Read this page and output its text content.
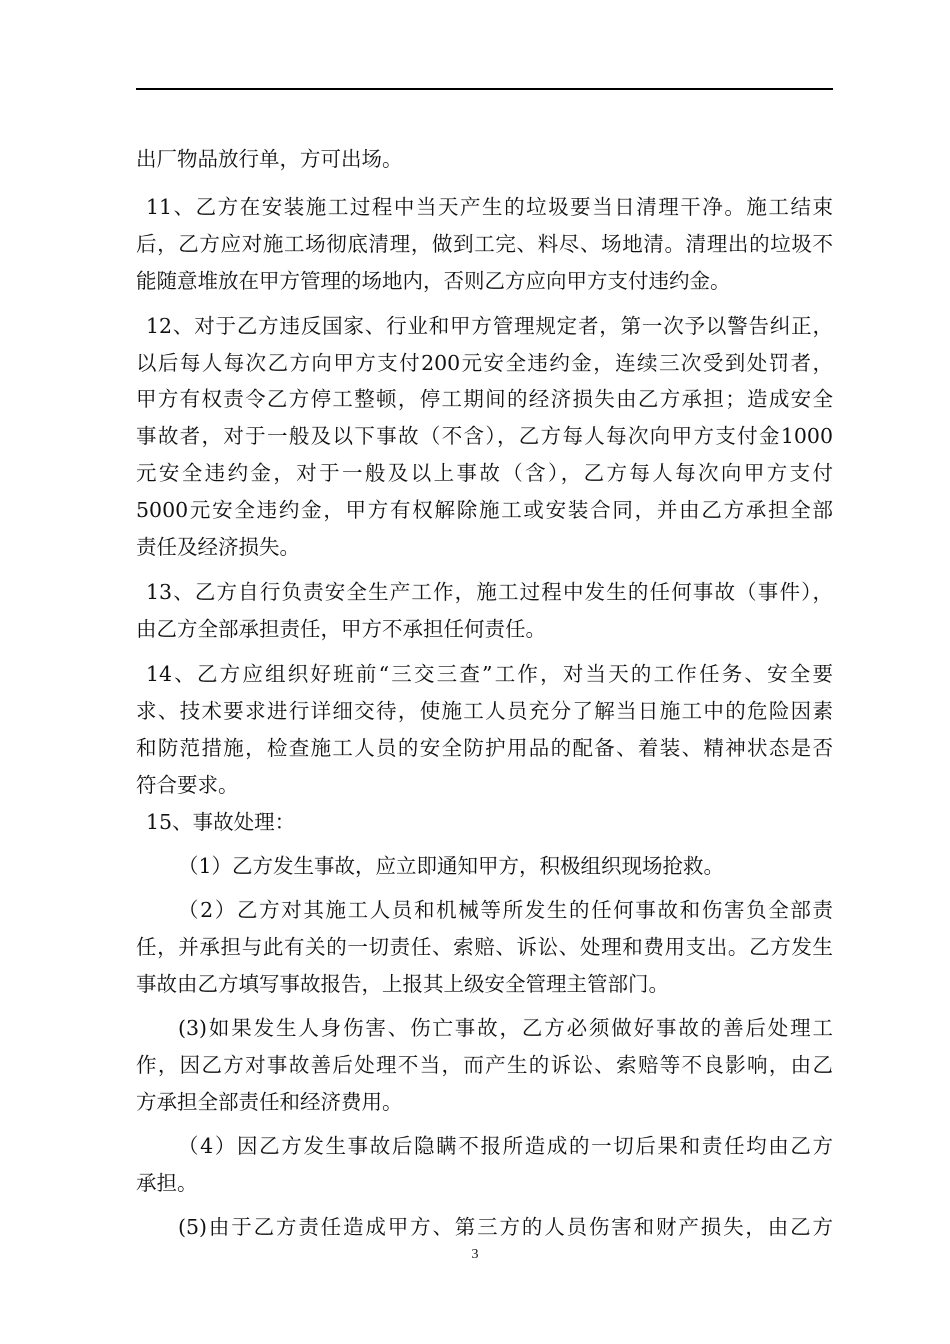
出厂物品放行单，方可出场。
11、乙方在安装施工过程中当天产生的垃圾要当日清理干净。施工结束
后，乙方应对施工场彻底清理，做到工完、料尽、场地清。清理出的垃圾不
能随意堆放在甲方管理的场地内，否则乙方应向甲方支付违约金。
12、对于乙方违反国家、行业和甲方管理规定者，第一次予以警告纠正，
以后每人每次乙方向甲方支付200元安全违约金，连续三次受到处罚者，
甲方有权责令乙方停工整顿，停工期间的经济损失由乙方承担；造成安全
事故者，对于一般及以下事故（不含），乙方每人每次向甲方支付金1000
元安全违约金，对于一般及以上事故（含），乙方每人每次向甲方支付
5000元安全违约金，甲方有权解除施工或安装合同，并由乙方承担全部
责任及经济损失。
13、乙方自行负责安全生产工作，施工过程中发生的任何事故（事件），
由乙方全部承担责任，甲方不承担任何责任。
14、乙方应组织好班前“三交三查”工作，对当天的工作任务、安全要
求、技术要求进行详细交待，使施工人员充分了解当日施工中的危险因素
和防范措施，检查施工人员的安全防护用品的配备、着装、精神状态是否
符合要求。
15、事故处理：
（1）乙方发生事故，应立即通知甲方，积极组织现场抢救。
（2）乙方对其施工人员和机械等所发生的任何事故和伤害负全部责
任，并承担与此有关的一切责任、索赔、诉讼、处理和费用支出。乙方发生
事故由乙方填写事故报告，上报其上级安全管理主管部门。
(3)如果发生人身伤害、伤亡事故，乙方必须做好事故的善后处理工
作，因乙方对事故善后处理不当，而产生的诉讼、索赔等不良影响，由乙
方承担全部责任和经济费用。
（4）因乙方发生事故后隐瞒不报所造成的一切后果和责任均由乙方
承担。
(5)由于乙方责任造成甲方、第三方的人员伤害和财产损失，由乙方
3
